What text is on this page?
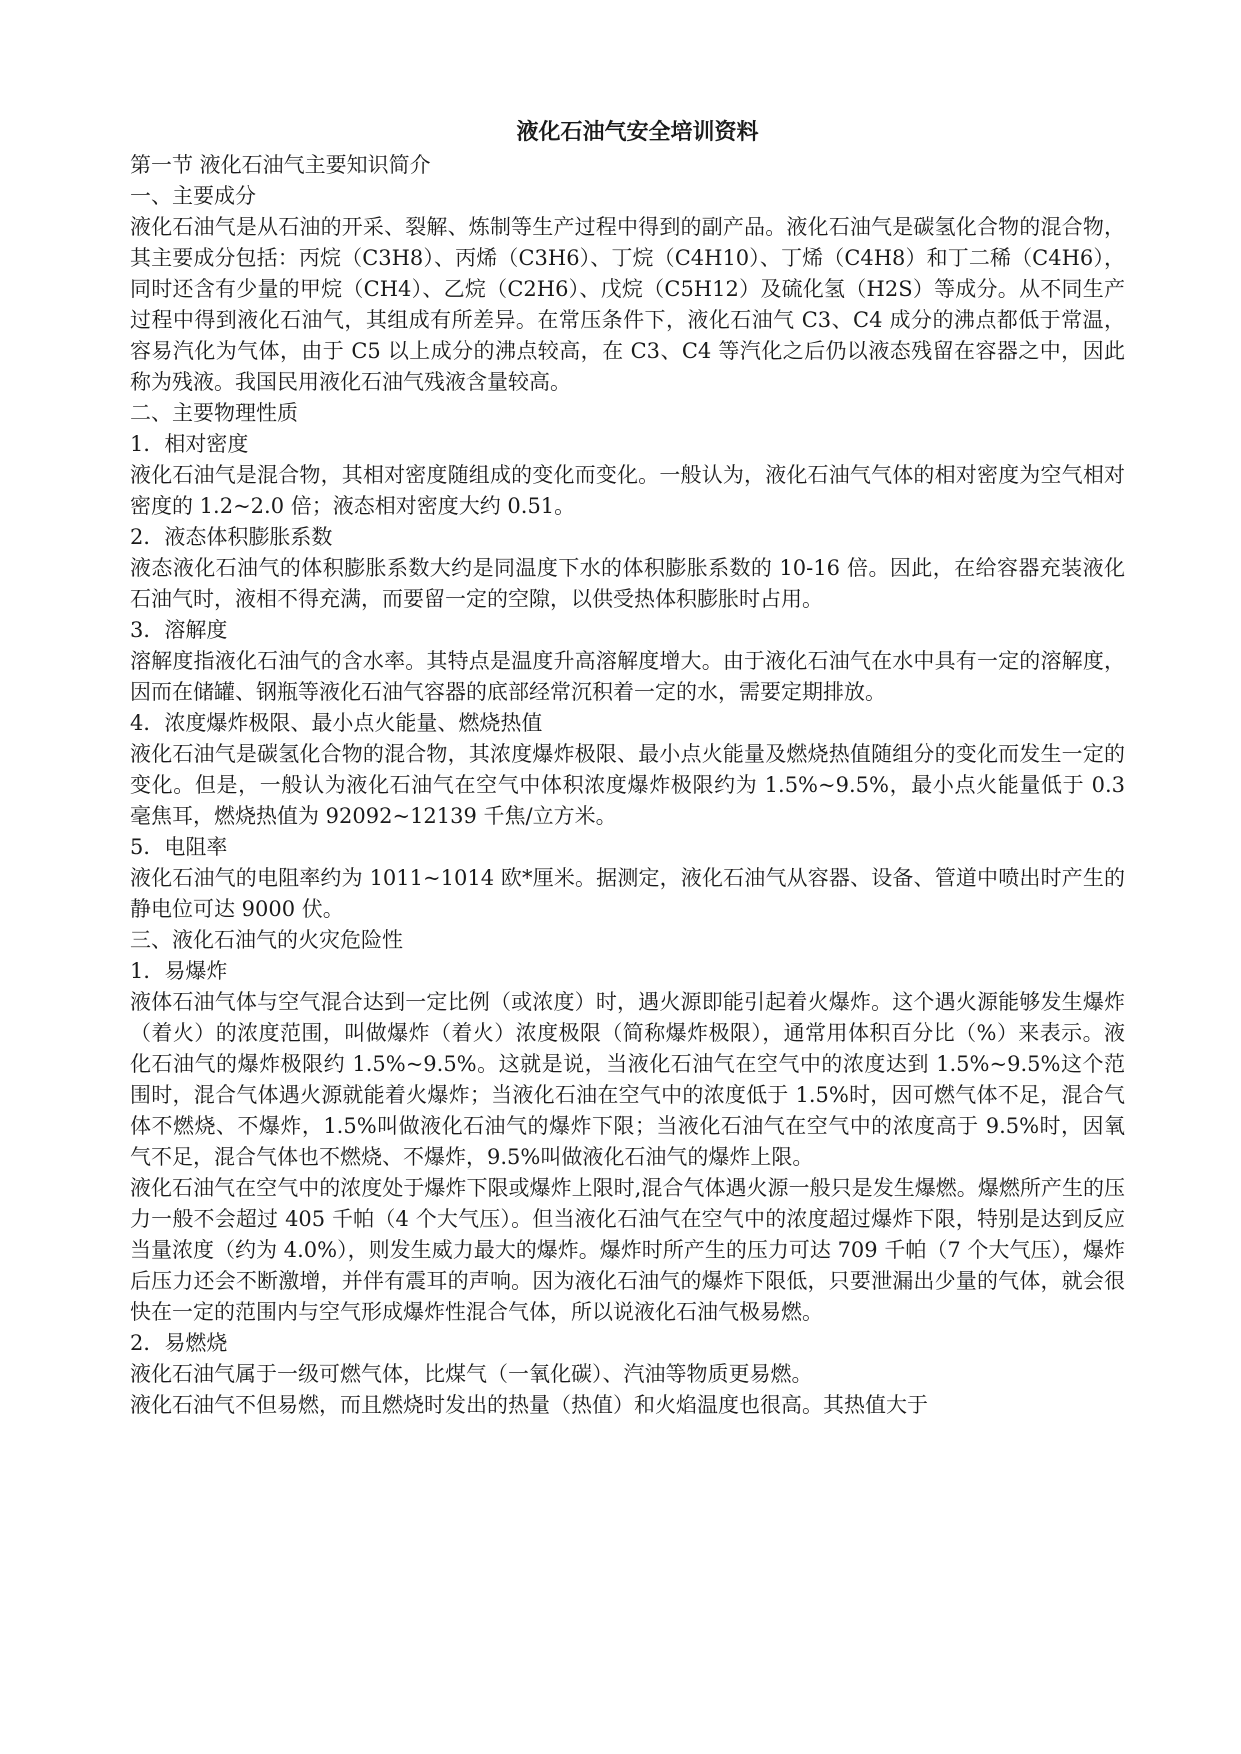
液化石油气安全培训资料
第一节 液化石油气主要知识简介
一、主要成分
液化石油气是从石油的开采、裂解、炼制等生产过程中得到的副产品。液化石油气是碳氢化合物的混合物，其主要成分包括：丙烷（C3H8）、丙烯（C3H6）、丁烷（C4H10）、丁烯（C4H8）和丁二稀（C4H6），同时还含有少量的甲烷（CH4）、乙烷（C2H6）、戊烷（C5H12）及硫化氢（H2S）等成分。从不同生产过程中得到液化石油气，其组成有所差异。在常压条件下，液化石油气 C3、C4 成分的沸点都低于常温，容易汽化为气体，由于 C5 以上成分的沸点较高，在 C3、C4 等汽化之后仍以液态残留在容器之中，因此称为残液。我国民用液化石油气残液含量较高。
二、主要物理性质
1．相对密度
液化石油气是混合物，其相对密度随组成的变化而变化。一般认为，液化石油气气体的相对密度为空气相对密度的 1.2~2.0 倍；液态相对密度大约 0.51。
2．液态体积膨胀系数
液态液化石油气的体积膨胀系数大约是同温度下水的体积膨胀系数的 10-16 倍。因此，在给容器充装液化石油气时，液相不得充满，而要留一定的空隙，以供受热体积膨胀时占用。
3．溶解度
溶解度指液化石油气的含水率。其特点是温度升高溶解度增大。由于液化石油气在水中具有一定的溶解度，因而在储罐、钢瓶等液化石油气容器的底部经常沉积着一定的水，需要定期排放。
4．浓度爆炸极限、最小点火能量、燃烧热值
液化石油气是碳氢化合物的混合物，其浓度爆炸极限、最小点火能量及燃烧热值随组分的变化而发生一定的变化。但是，一般认为液化石油气在空气中体积浓度爆炸极限约为 1.5%~9.5%，最小点火能量低于 0.3 毫焦耳，燃烧热值为 92092~12139 千焦/立方米。
5．电阻率
液化石油气的电阻率约为 1011~1014 欧*厘米。据测定，液化石油气从容器、设备、管道中喷出时产生的静电位可达 9000 伏。
三、液化石油气的火灾危险性
1．易爆炸
液体石油气体与空气混合达到一定比例（或浓度）时，遇火源即能引起着火爆炸。这个遇火源能够发生爆炸（着火）的浓度范围，叫做爆炸（着火）浓度极限（简称爆炸极限），通常用体积百分比（%）来表示。液化石油气的爆炸极限约 1.5%~9.5%。这就是说，当液化石油气在空气中的浓度达到 1.5%~9.5%这个范围时，混合气体遇火源就能着火爆炸；当液化石油在空气中的浓度低于 1.5%时，因可燃气体不足，混合气体不燃烧、不爆炸，1.5%叫做液化石油气的爆炸下限；当液化石油气在空气中的浓度高于 9.5%时，因氧气不足，混合气体也不燃烧、不爆炸，9.5%叫做液化石油气的爆炸上限。
液化石油气在空气中的浓度处于爆炸下限或爆炸上限时,混合气体遇火源一般只是发生爆燃。爆燃所产生的压力一般不会超过 405 千帕（4 个大气压）。但当液化石油气在空气中的浓度超过爆炸下限，特别是达到反应当量浓度（约为 4.0%），则发生威力最大的爆炸。爆炸时所产生的压力可达 709 千帕（7 个大气压），爆炸后压力还会不断激增，并伴有震耳的声响。因为液化石油气的爆炸下限低，只要泄漏出少量的气体，就会很快在一定的范围内与空气形成爆炸性混合气体，所以说液化石油气极易燃。
2．易燃烧
液化石油气属于一级可燃气体，比煤气（一氧化碳）、汽油等物质更易燃。
液化石油气不但易燃，而且燃烧时发出的热量（热值）和火焰温度也很高。其热值大于
